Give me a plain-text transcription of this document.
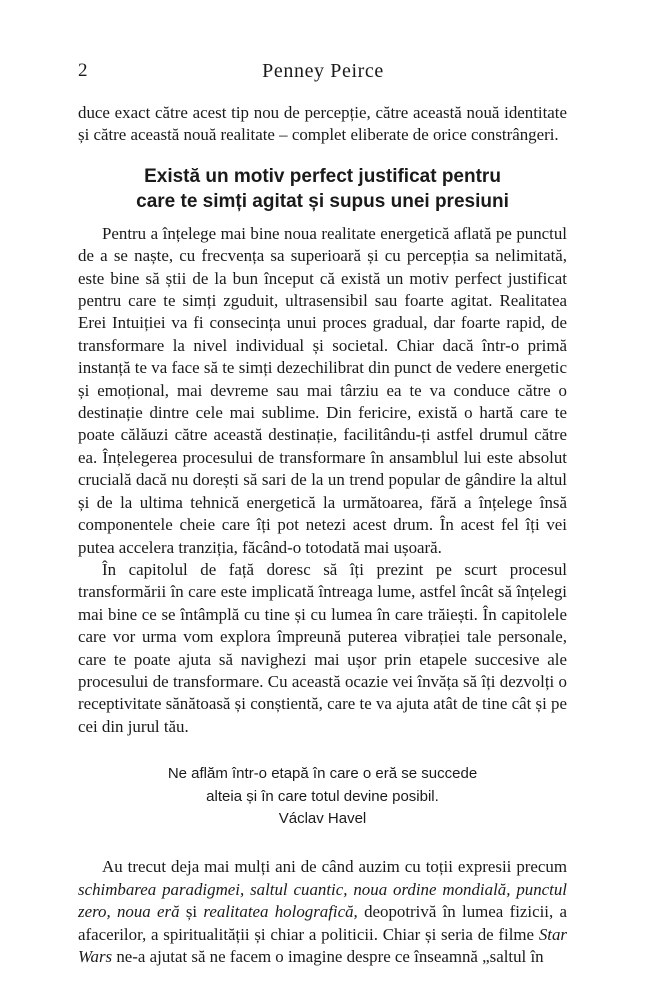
2	Penney Peirce

duce exact către acest tip nou de percepție, către această nouă identitate și către această nouă realitate – complet eliberate de orice constrângeri.

Există un motiv perfect justificat pentru
care te simți agitat și supus unei presiuni

Pentru a înțelege mai bine noua realitate energetică aflată pe punctul de a se naște, cu frecvența sa superioară și cu percepția sa nelimitată, este bine să știi de la bun început că există un motiv perfect justificat pentru care te simți zguduit, ultrasensibil sau foarte agitat. Realitatea Erei Intuiției va fi consecința unui proces gradual, dar foarte rapid, de transformare la nivel individual și societal. Chiar dacă într-o primă instanță te va face să te simți dezechilibrat din punct de vedere energetic și emoțional, mai devreme sau mai târziu ea te va conduce către o destinație dintre cele mai sublime. Din fericire, există o hartă care te poate călăuzi către această destinație, facilitându-ți astfel drumul către ea. Înțelegerea procesului de transformare în ansamblul lui este absolut crucială dacă nu dorești să sari de la un trend popular de gândire la altul și de la ultima tehnică energetică la următoarea, fără a înțelege însă componentele cheie care îți pot netezi acest drum. În acest fel îți vei putea accelera tranziția, făcând-o totodată mai ușoară.

În capitolul de față doresc să îți prezint pe scurt procesul transformării în care este implicată întreaga lume, astfel încât să înțelegi mai bine ce se întâmplă cu tine și cu lumea în care trăiești. În capitolele care vor urma vom explora împreună puterea vibrației tale personale, care te poate ajuta să navighezi mai ușor prin etapele succesive ale procesului de transformare. Cu această ocazie vei învăța să îți dezvolți o receptivitate sănătoasă și conștientă, care te va ajuta atât de tine cât și pe cei din jurul tău.

Ne aflăm într-o etapă în care o eră se succede
alteia și în care totul devine posibil.
Václav Havel

Au trecut deja mai mulți ani de când auzim cu toții expresii precum schimbarea paradigmei, saltul cuantic, noua ordine mondială, punctul zero, noua eră și realitatea holografică, deopotrivă în lumea fizicii, a afacerilor, a spiritualității și chiar a politicii. Chiar și seria de filme Star Wars ne-a ajutat să ne facem o imagine despre ce înseamnă „saltul în
